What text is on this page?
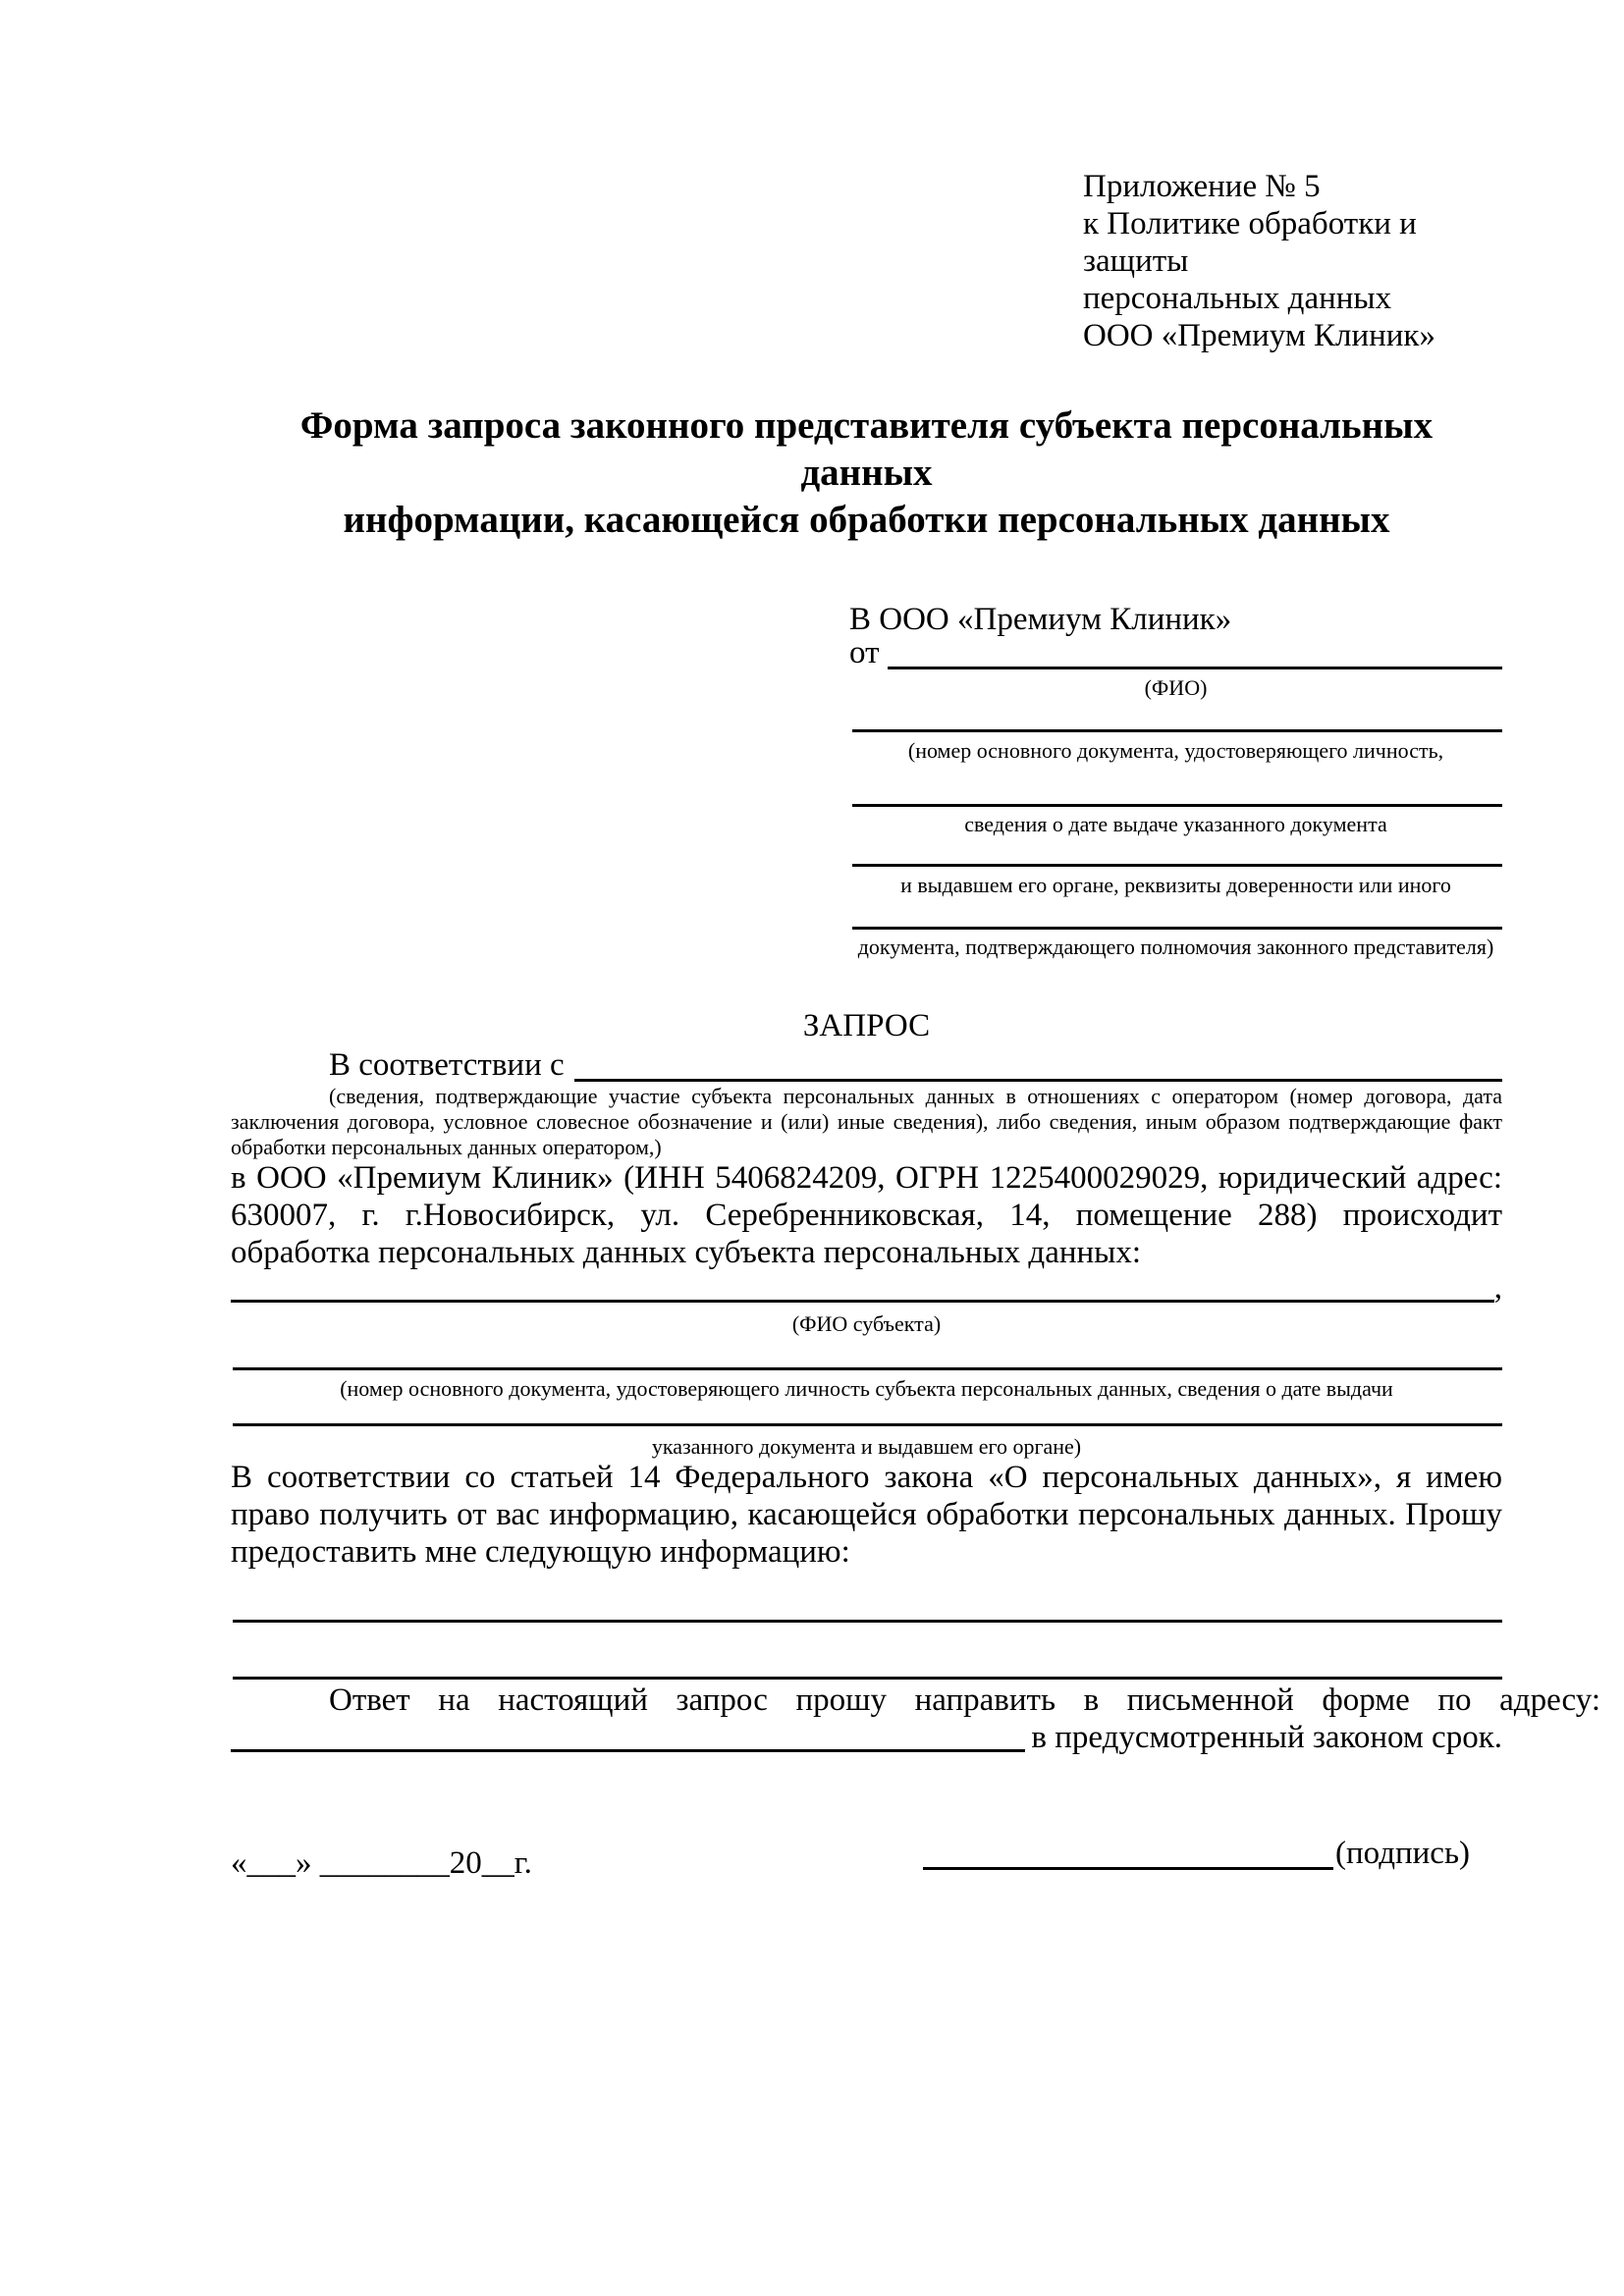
Приложение № 5
к Политике обработки и защиты
персональных данных
ООО «Премиум Клиник»
Форма запроса законного представителя субъекта персональных данных
информации, касающейся обработки персональных данных
В ООО «Премиум Клиник»
от
(ФИО)
(номер основного документа, удостоверяющего личность,
сведения о дате выдаче указанного документа
и выдавшем его органе, реквизиты доверенности или иного
документа, подтверждающего полномочия законного представителя)
ЗАПРОС
В соответствии с
(сведения, подтверждающие участие субъекта персональных данных в отношениях с оператором (номер договора, дата
заключения договора, условное словесное обозначение и (или) иные сведения), либо сведения, иным образом подтверждающие факт
обработки персональных данных оператором,)
в ООО «Премиум Клиник» (ИНН 5406824209, ОГРН 1225400029029, юридический адрес:
630007, г. г.Новосибирск, ул. Серебренниковская, 14, помещение 288) происходит
обработка персональных данных субъекта персональных данных:
,
(ФИО субъекта)
(номер основного документа, удостоверяющего личность субъекта персональных данных, сведения о дате выдачи
указанного документа и выдавшем его органе)
В соответствии со статьей 14 Федерального закона «О персональных данных», я имею
право получить от вас информацию, касающейся обработки персональных данных. Прошу
предоставить мне следующую информацию:
Ответ на настоящий запрос прошу направить в письменной форме по адресу:
в предусмотренный законом срок.
«___» ________20__г.	(подпись)
